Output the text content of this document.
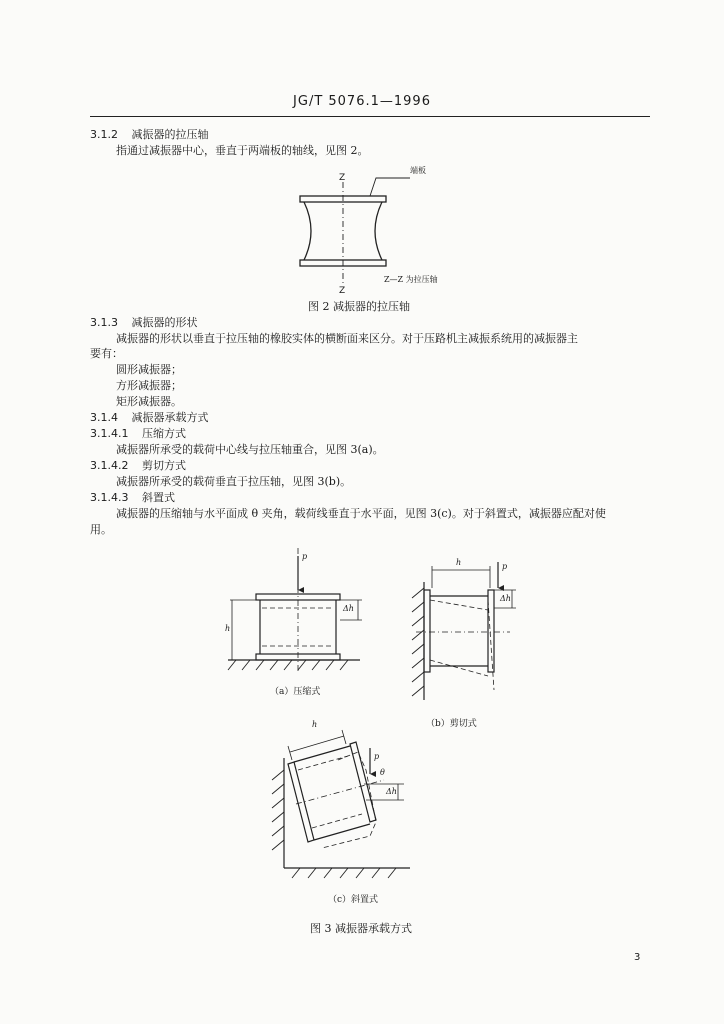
JG/T 5076.1—1996
3.1.2 减振器的拉压轴
指通过减振器中心，垂直于两端板的轴线，见图 2。
Z
Z
端板
Z—Z 为拉压轴
图 2 减振器的拉压轴
3.1.3 减振器的形状
减振器的形状以垂直于拉压轴的橡胶实体的横断面来区分。对于压路机主减振系统用的减振器主
要有：
圆形减振器；
方形减振器；
矩形减振器。
3.1.4 减振器承载方式
3.1.4.1 压缩方式
减振器所承受的载荷中心线与拉压轴重合，见图 3(a)。
3.1.4.2 剪切方式
减振器所承受的载荷垂直于拉压轴，见图 3(b)。
3.1.4.3 斜置式
减振器的压缩轴与水平面成 θ 夹角，载荷线垂直于水平面，见图 3(c)。对于斜置式，减振器应配对使
用。
p
h
Δh
（a）压缩式
h	p
Δh
（b）剪切式
h
p
θ
Δh
（c）斜置式
图 3 减振器承载方式
3
